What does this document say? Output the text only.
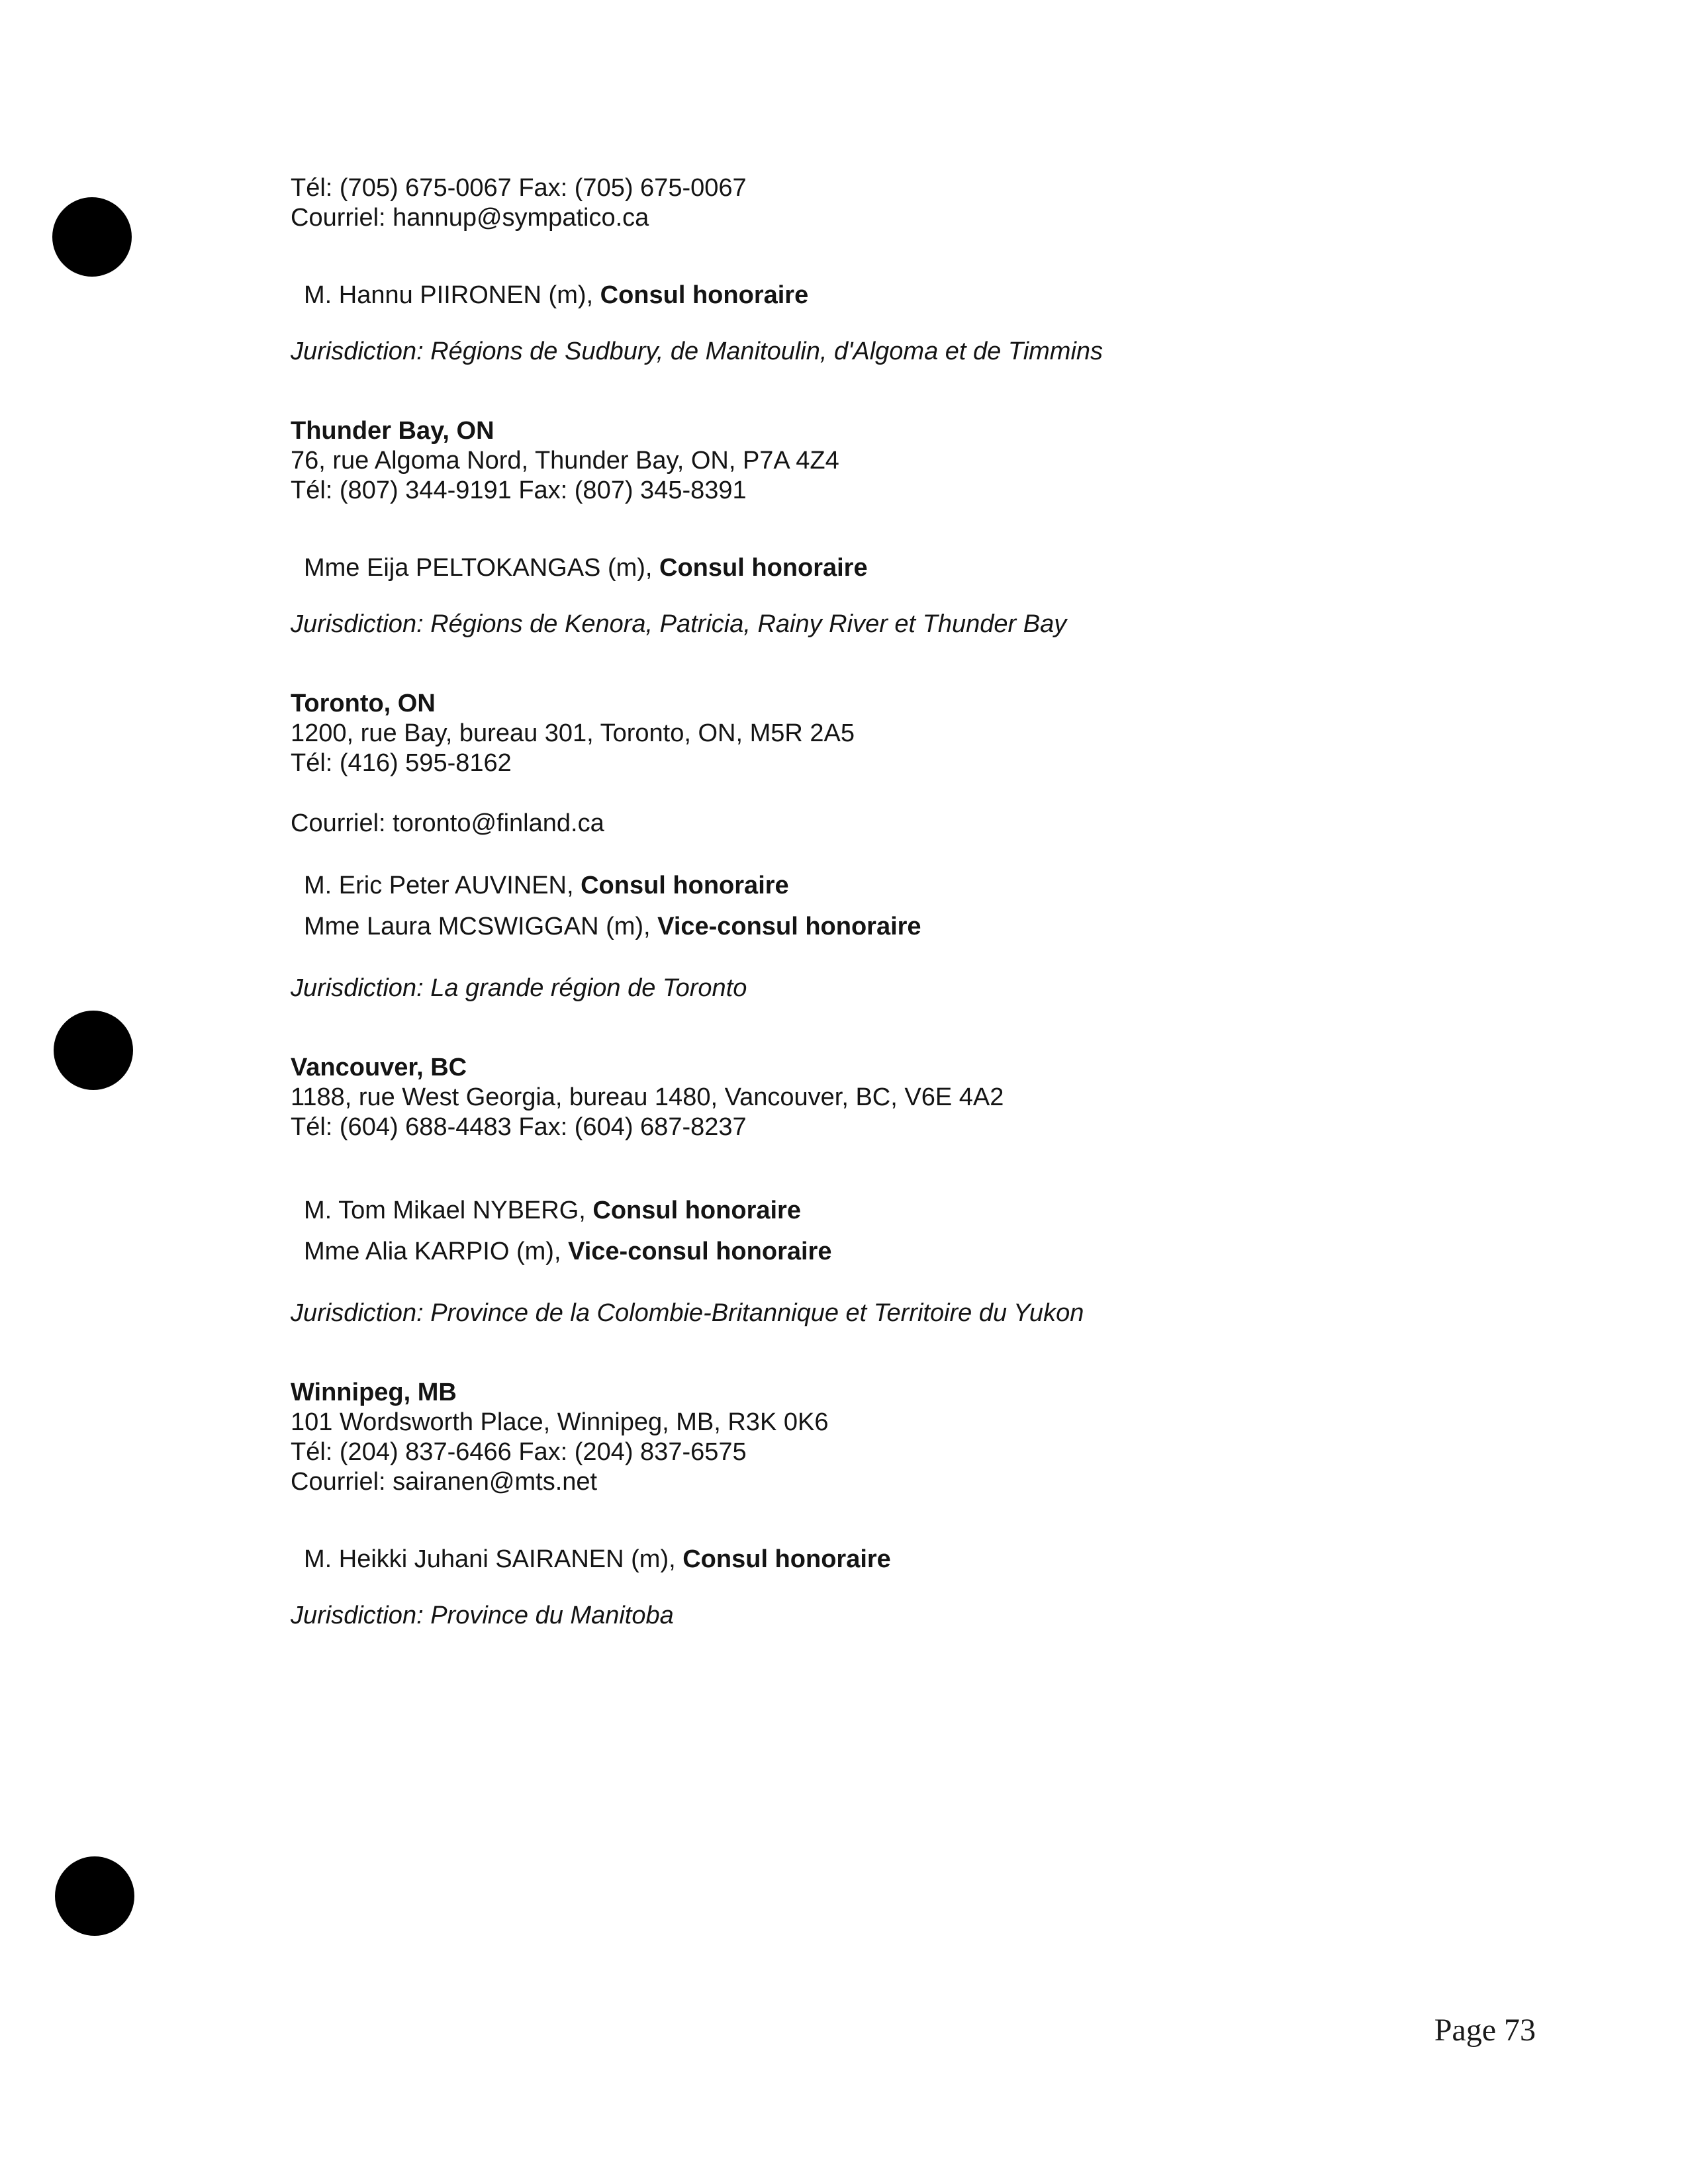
Tél: (705) 675-0067 Fax: (705) 675-0067

Courriel: hannup@sympatico.ca

M. Hannu PIIRONEN (m), Consul honoraire

Jurisdiction: Régions de Sudbury, de Manitoulin, d'Algoma et de Timmins

Thunder Bay, ON

76, rue Algoma Nord, Thunder Bay, ON, P7A 4Z4

Tél: (807) 344-9191 Fax: (807) 345-8391

Mme Eija PELTOKANGAS (m), Consul honoraire

Jurisdiction: Régions de Kenora, Patricia, Rainy River et Thunder Bay

Toronto, ON

1200, rue Bay, bureau 301, Toronto, ON, M5R 2A5

Tél: (416) 595-8162

Courriel: toronto@finland.ca

M. Eric Peter AUVINEN, Consul honoraire

Mme Laura MCSWIGGAN (m), Vice-consul honoraire

Jurisdiction: La grande région de Toronto

Vancouver, BC

1188, rue West Georgia, bureau 1480, Vancouver, BC, V6E 4A2

Tél: (604) 688-4483 Fax: (604) 687-8237

M. Tom Mikael NYBERG, Consul honoraire

Mme Alia KARPIO (m), Vice-consul honoraire

Jurisdiction: Province de la Colombie-Britannique et Territoire du Yukon

Winnipeg, MB

101 Wordsworth Place, Winnipeg, MB, R3K 0K6

Tél: (204) 837-6466 Fax: (204) 837-6575

Courriel: sairanen@mts.net

M. Heikki Juhani SAIRANEN (m), Consul honoraire

Jurisdiction: Province du Manitoba

Page 73
